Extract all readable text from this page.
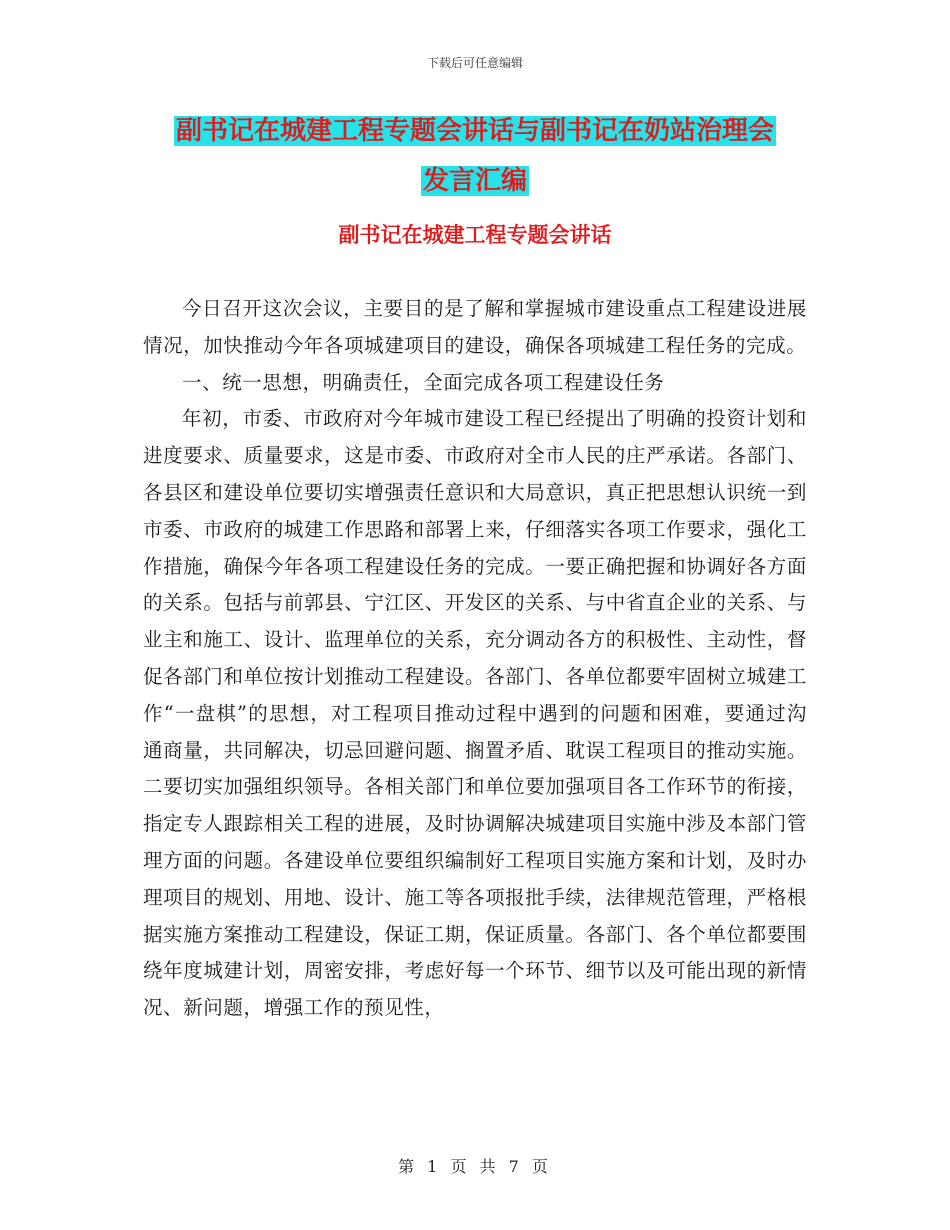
下载后可任意编辑
副书记在城建工程专题会讲话与副书记在奶站治理会
发言汇编
副书记在城建工程专题会讲话

今日召开这次会议，主要目的是了解和掌握城市建设重点工程建设进展情况，加快推动今年各项城建项目的建设，确保各项城建工程任务的完成。

一、统一思想，明确责任，全面完成各项工程建设任务

年初，市委、市政府对今年城市建设工程已经提出了明确的投资计划和进度要求、质量要求，这是市委、市政府对全市人民的庄严承诺。各部门、各县区和建设单位要切实增强责任意识和大局意识，真正把思想认识统一到市委、市政府的城建工作思路和部署上来，仔细落实各项工作要求，强化工作措施，确保今年各项工程建设任务的完成。一要正确把握和协调好各方面的关系。包括与前郭县、宁江区、开发区的关系、与中省直企业的关系、与业主和施工、设计、监理单位的关系，充分调动各方的积极性、主动性，督促各部门和单位按计划推动工程建设。各部门、各单位都要牢固树立城建工作“一盘棋”的思想，对工程项目推动过程中遇到的问题和困难，要通过沟通商量，共同解决，切忌回避问题、搁置矛盾、耽误工程项目的推动实施。二要切实加强组织领导。各相关部门和单位要加强项目各工作环节的衔接，指定专人跟踪相关工程的进展，及时协调解决城建项目实施中涉及本部门管理方面的问题。各建设单位要组织编制好工程项目实施方案和计划，及时办理项目的规划、用地、设计、施工等各项报批手续，法律规范管理，严格根据实施方案推动工程建设，保证工期，保证质量。各部门、各个单位都要围绕年度城建计划，周密安排，考虑好每一个环节、细节以及可能出现的新情况、新问题，增强工作的预见性，

第 1 页 共 7 页
